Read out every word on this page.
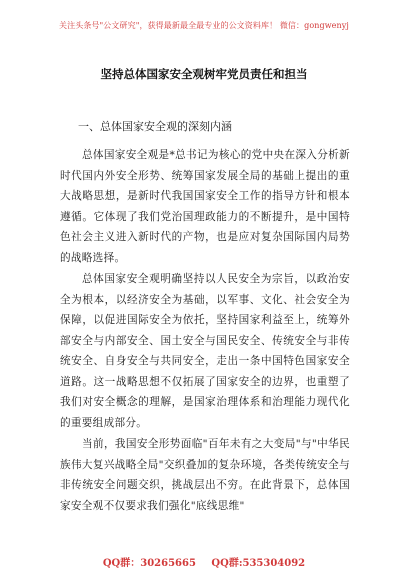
关注头条号"公文研究"，获得最新最全最专业的公文资料库！ 微信：gongwenyj
坚持总体国家安全观树牢党员责任和担当
一、总体国家安全观的深刻内涵

总体国家安全观是*总书记为核心的党中央在深入分析新时代国内外安全形势、统筹国家发展全局的基础上提出的重大战略思想，是新时代我国国家安全工作的指导方针和根本遵循。它体现了我们党治国理政能力的不断提升，是中国特色社会主义进入新时代的产物，也是应对复杂国际国内局势的战略选择。

总体国家安全观明确坚持以人民安全为宗旨，以政治安全为根本，以经济安全为基础，以军事、文化、社会安全为保障，以促进国际安全为依托，坚持国家利益至上，统筹外部安全与内部安全、国土安全与国民安全、传统安全与非传统安全、自身安全与共同安全，走出一条中国特色国家安全道路。这一战略思想不仅拓展了国家安全的边界，也重塑了我们对安全概念的理解，是国家治理体系和治理能力现代化的重要组成部分。

当前，我国安全形势面临"百年未有之大变局"与"中华民族伟大复兴战略全局"交织叠加的复杂环境，各类传统安全与非传统安全问题交织，挑战层出不穷。在此背景下，总体国家安全观不仅要求我们强化"底线思维"

QQ群：30265665 QQ群:535304092
